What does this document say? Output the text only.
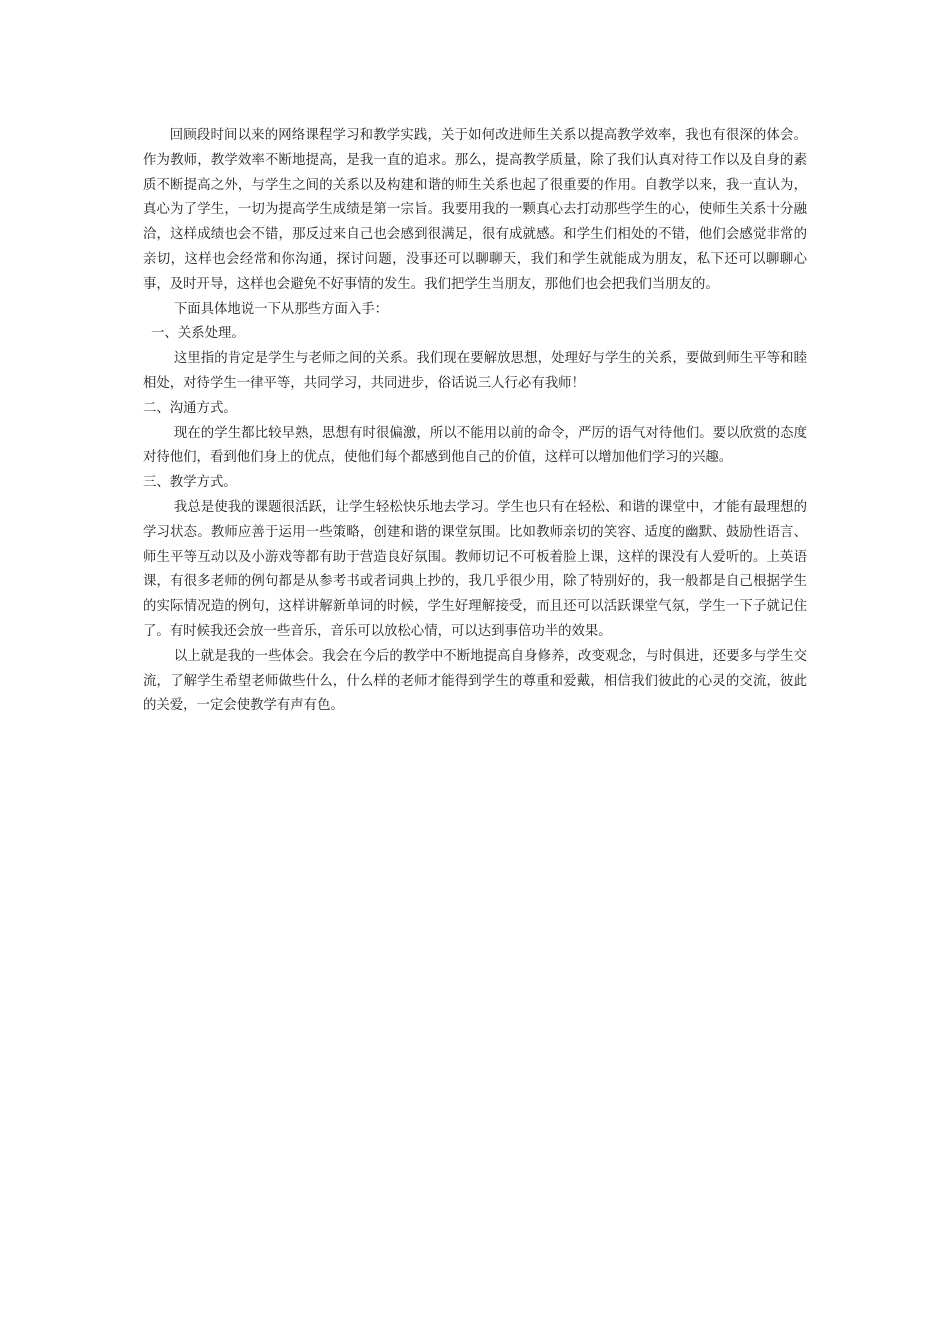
回顾段时间以来的网络课程学习和教学实践，关于如何改进师生关系以提高教学效率，我也有很深的体会。作为教师，教学效率不断地提高，是我一直的追求。那么，提高教学质量，除了我们认真对待工作以及自身的素质不断提高之外，与学生之间的关系以及构建和谐的师生关系也起了很重要的作用。自教学以来，我一直认为，真心为了学生，一切为提高学生成绩是第一宗旨。我要用我的一颗真心去打动那些学生的心，使师生关系十分融洽，这样成绩也会不错，那反过来自己也会感到很满足，很有成就感。和学生们相处的不错，他们会感觉非常的亲切，这样也会经常和你沟通，探讨问题，没事还可以聊聊天，我们和学生就能成为朋友，私下还可以聊聊心事，及时开导，这样也会避免不好事情的发生。我们把学生当朋友，那他们也会把我们当朋友的。

下面具体地说一下从那些方面入手：

一、关系处理。

这里指的肯定是学生与老师之间的关系。我们现在要解放思想，处理好与学生的关系，要做到师生平等和睦相处，对待学生一律平等，共同学习，共同进步，俗话说三人行必有我师！

二、沟通方式。

现在的学生都比较早熟，思想有时很偏激，所以不能用以前的命令，严厉的语气对待他们。要以欣赏的态度对待他们，看到他们身上的优点，使他们每个都感到他自己的价值，这样可以增加他们学习的兴趣。

三、教学方式。

我总是使我的课题很活跃，让学生轻松快乐地去学习。学生也只有在轻松、和谐的课堂中，才能有最理想的学习状态。教师应善于运用一些策略，创建和谐的课堂氛围。比如教师亲切的笑容、适度的幽默、鼓励性语言、师生平等互动以及小游戏等都有助于营造良好氛围。教师切记不可板着脸上课，这样的课没有人爱听的。上英语课，有很多老师的例句都是从参考书或者词典上抄的，我几乎很少用，除了特别好的，我一般都是自己根据学生的实际情况造的例句，这样讲解新单词的时候，学生好理解接受，而且还可以活跃课堂气氛，学生一下子就记住了。有时候我还会放一些音乐，音乐可以放松心情，可以达到事倍功半的效果。

以上就是我的一些体会。我会在今后的教学中不断地提高自身修养，改变观念，与时俱进，还要多与学生交流，了解学生希望老师做些什么，什么样的老师才能得到学生的尊重和爱戴，相信我们彼此的心灵的交流，彼此的关爱，一定会使教学有声有色。
